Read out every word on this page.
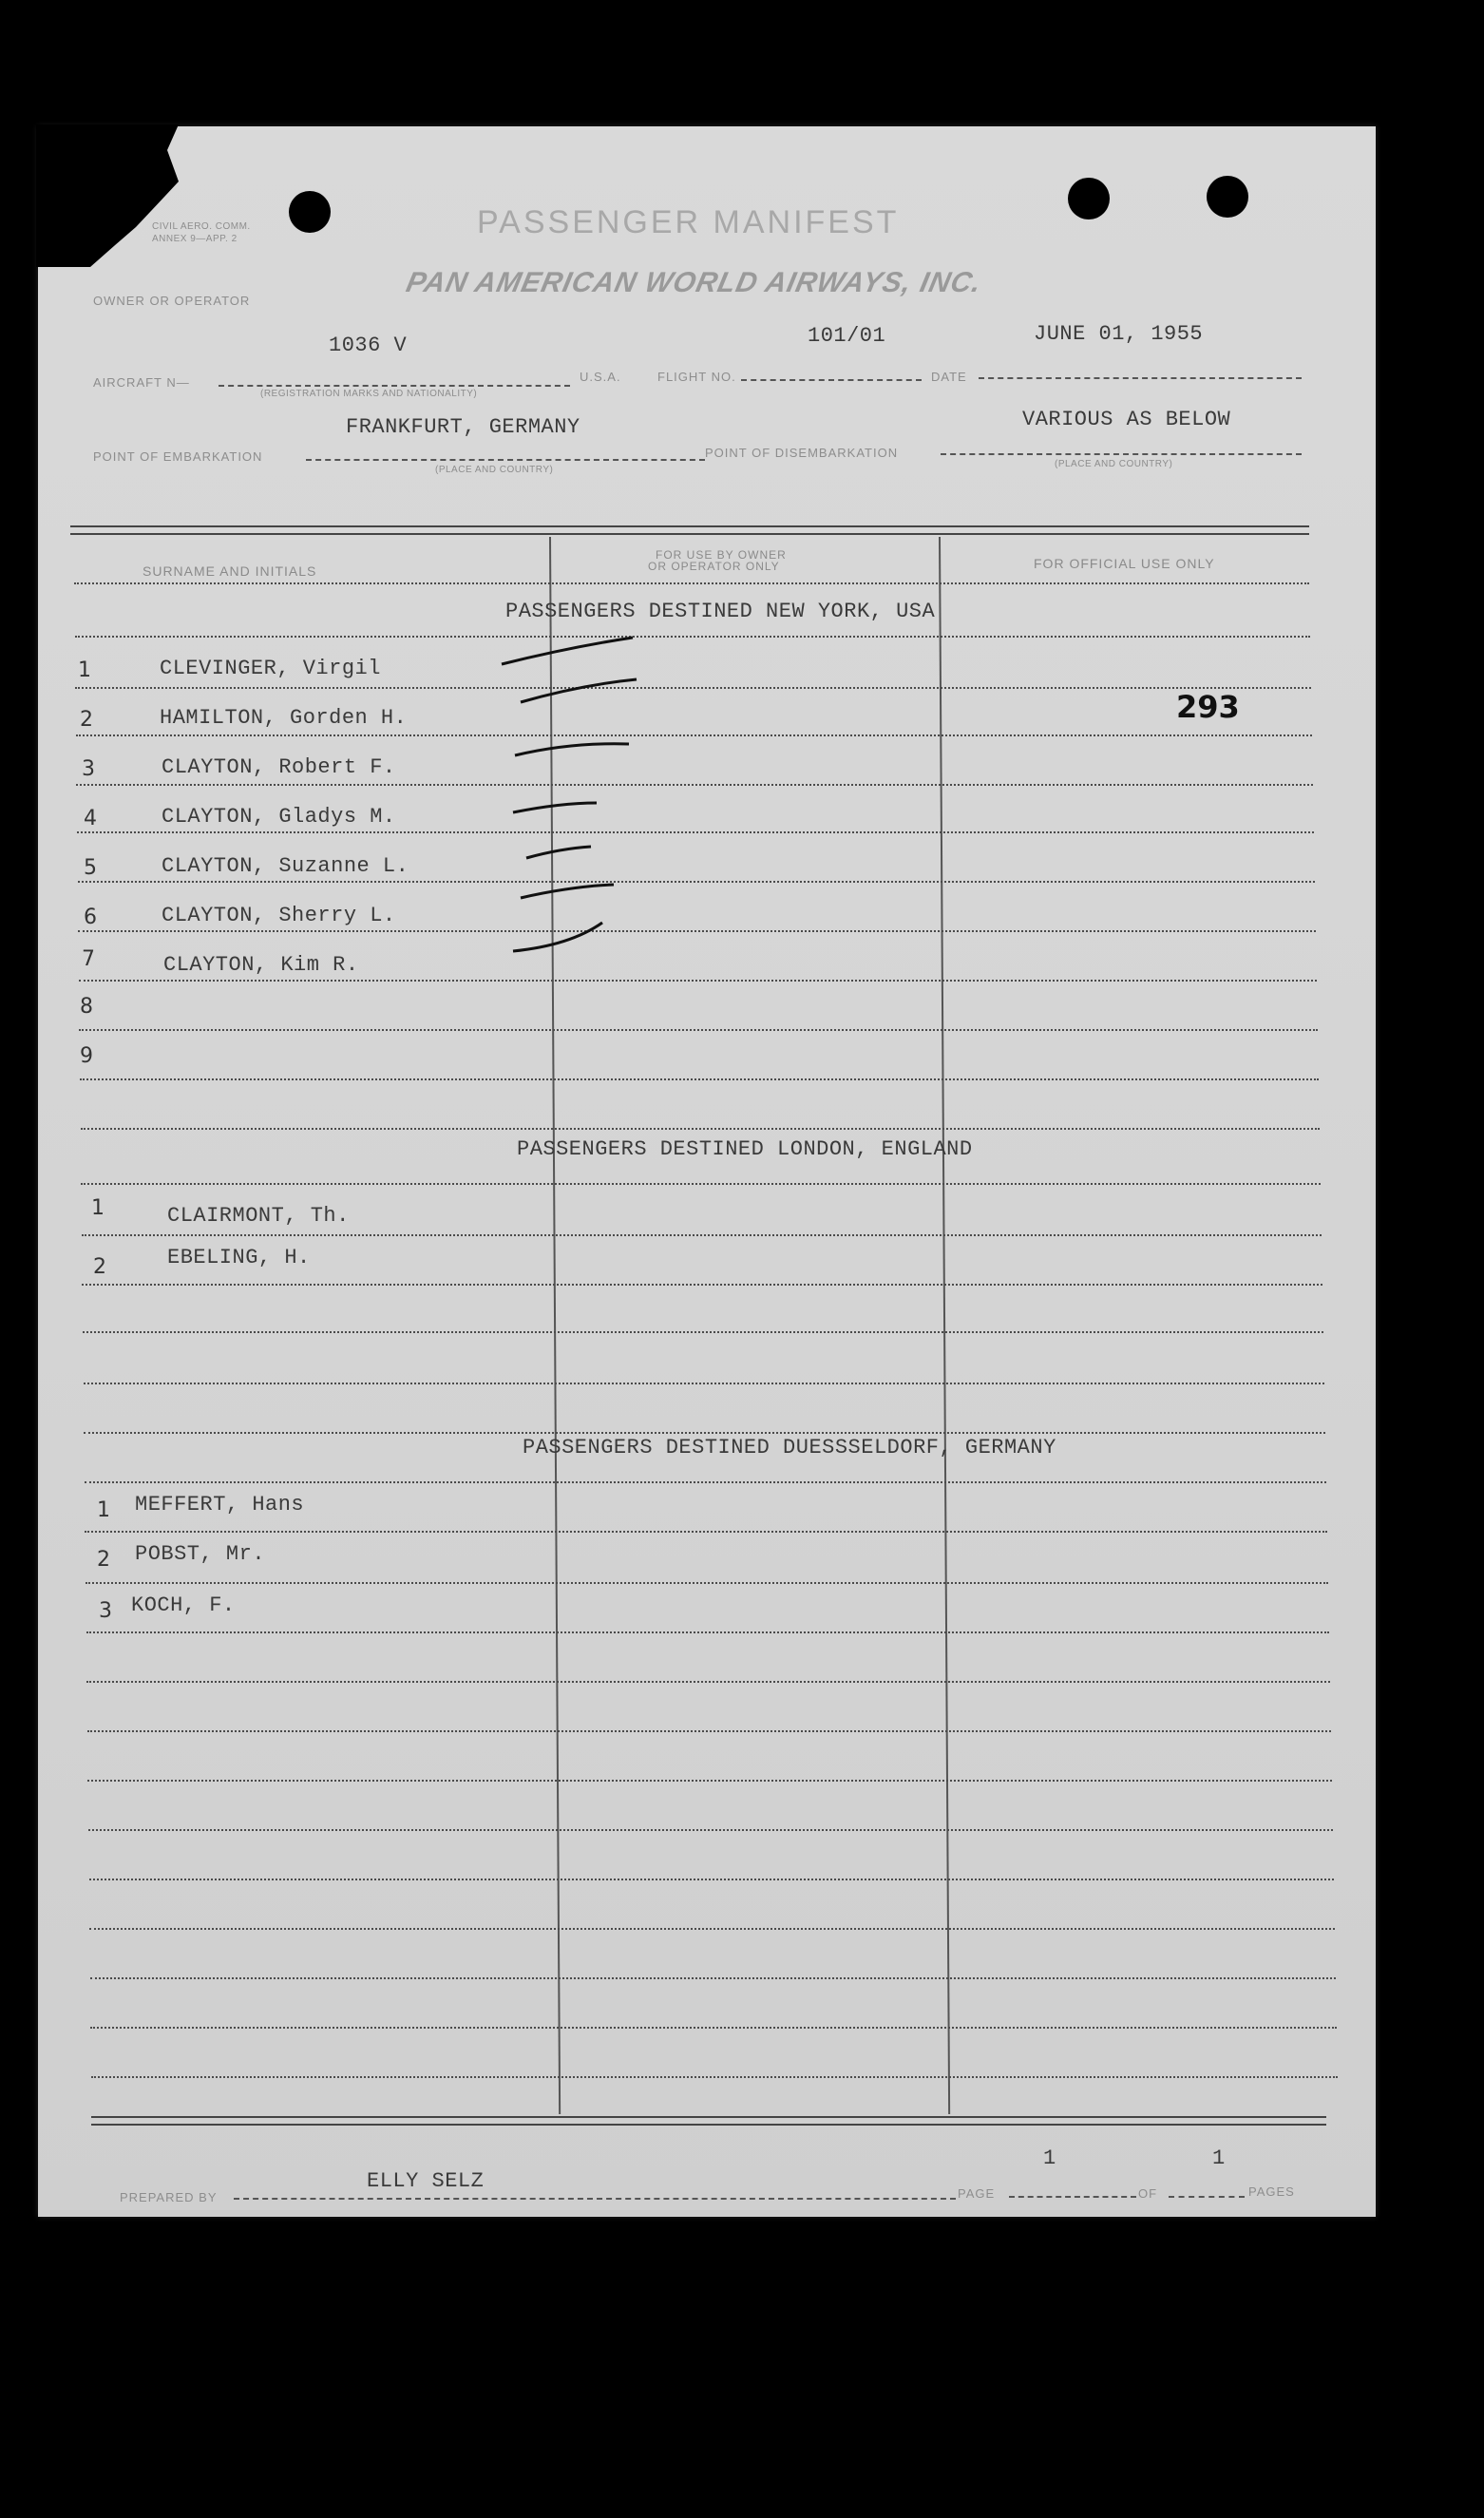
CIVIL AERO. COMM.
ANNEX 9—APP. 2	PASSENGER MANIFEST
OWNER OR OPERATOR
PAN AMERICAN WORLD AIRWAYS, INC.
1036 V	101/01	JUNE 01, 1955
AIRCRAFT N—
(REGISTRATION MARKS AND NATIONALITY)
U.S.A.	FLIGHT NO.	DATE
FRANKFURT, GERMANY	VARIOUS AS BELOW
POINT OF EMBARKATION
(PLACE AND COUNTRY)
POINT OF DISEMBARKATION
(PLACE AND COUNTRY)
SURNAME AND INITIALS
FOR USE BY OWNER
OR OPERATOR ONLY	FOR OFFICIAL USE ONLY
PASSENGERS DESTINED NEW YORK, USA
1	CLEVINGER, Virgil
2	HAMILTON, Gorden H.
3	CLAYTON, Robert F.
4	CLAYTON, Gladys M.
5	CLAYTON, Suzanne L.
6	CLAYTON, Sherry L.
7	CLAYTON, Kim R.
8
9
293
PASSENGERS DESTINED LONDON, ENGLAND
1	CLAIRMONT, Th.
2	EBELING, H.
PASSENGERS DESTINED DUESSSELDORF, GERMANY
1 MEFFERT, Hans
2 POBST, Mr.
3 KOCH, F.
ELLY SELZ
1	1
PREPARED BY	PAGE	OF	PAGES
